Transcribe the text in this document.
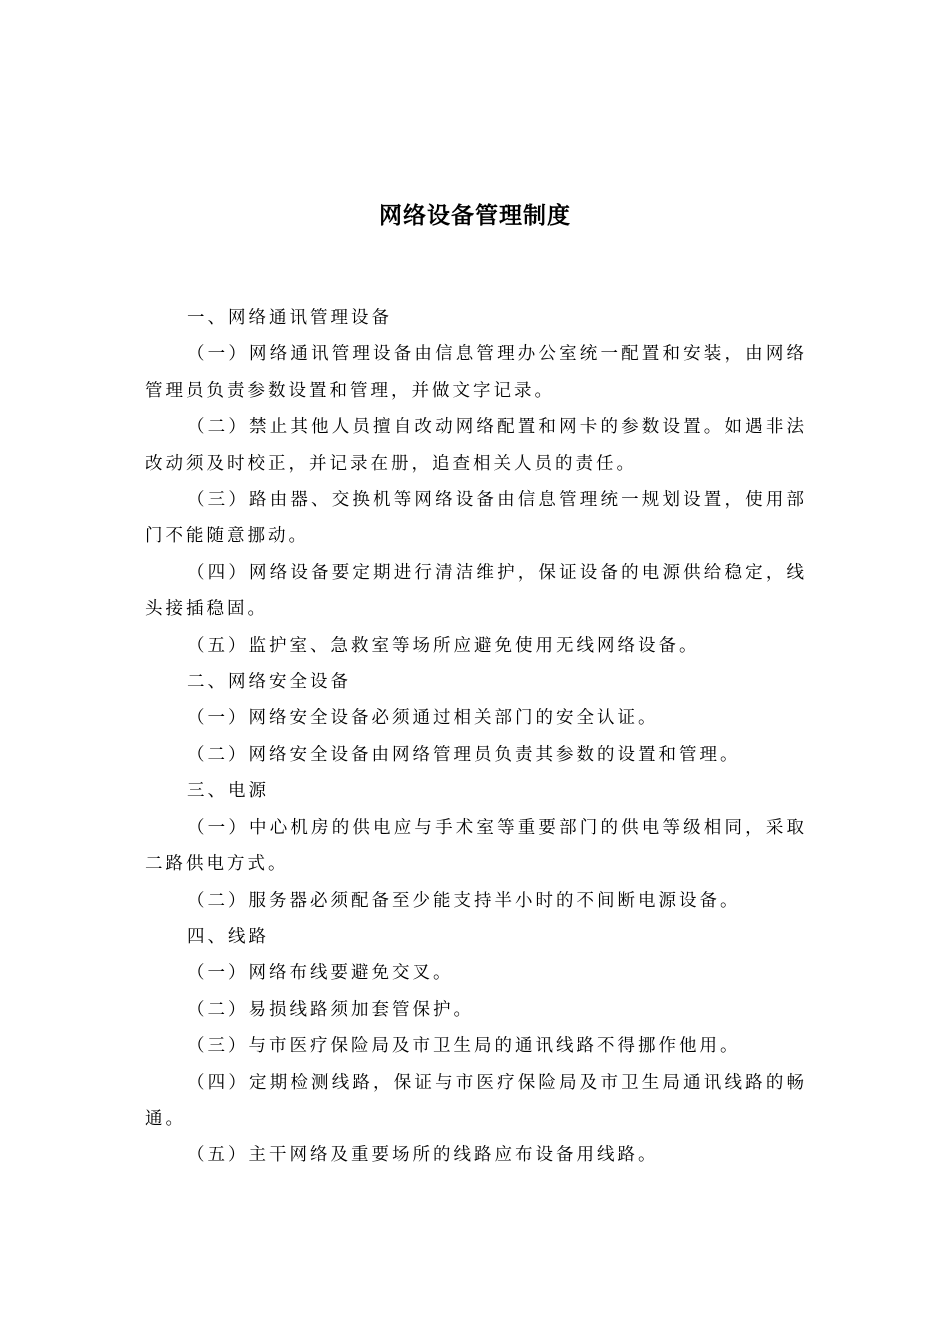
网络设备管理制度

一、网络通讯管理设备

（一）网络通讯管理设备由信息管理办公室统一配置和安装，由网络管理员负责参数设置和管理，并做文字记录。

（二）禁止其他人员擅自改动网络配置和网卡的参数设置。如遇非法改动须及时校正，并记录在册，追查相关人员的责任。

（三）路由器、交换机等网络设备由信息管理统一规划设置，使用部门不能随意挪动。

（四）网络设备要定期进行清洁维护，保证设备的电源供给稳定，线头接插稳固。

（五）监护室、急救室等场所应避免使用无线网络设备。

二、网络安全设备

（一）网络安全设备必须通过相关部门的安全认证。

（二）网络安全设备由网络管理员负责其参数的设置和管理。

三、电源

（一）中心机房的供电应与手术室等重要部门的供电等级相同，采取二路供电方式。

（二）服务器必须配备至少能支持半小时的不间断电源设备。

四、线路

（一）网络布线要避免交叉。

（二）易损线路须加套管保护。

（三）与市医疗保险局及市卫生局的通讯线路不得挪作他用。

（四）定期检测线路，保证与市医疗保险局及市卫生局通讯线路的畅通。

（五）主干网络及重要场所的线路应布设备用线路。
